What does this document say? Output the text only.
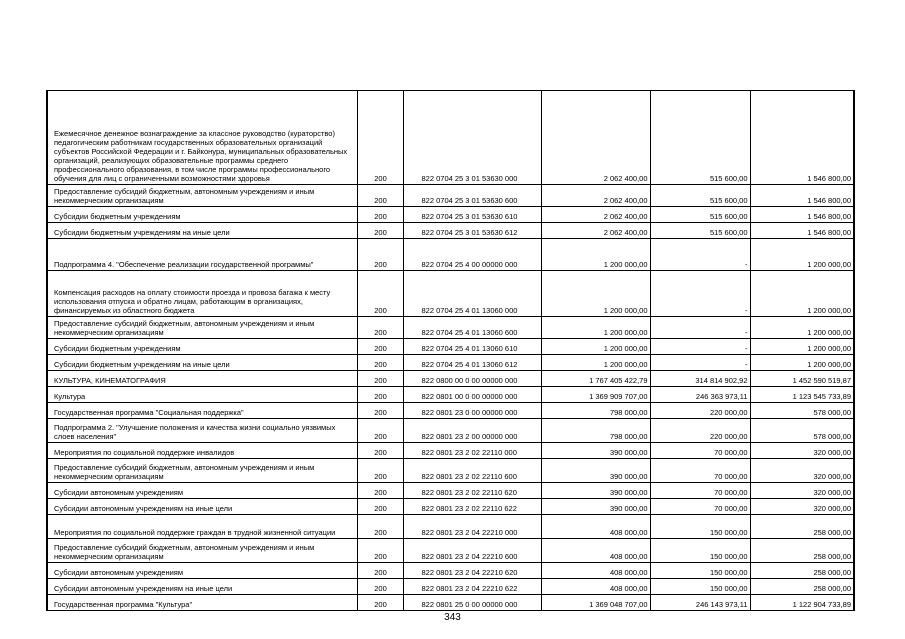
Ежемесячное денежное вознаграждение за классное руководство (кураторство) педагогическим работникам государственных образовательных организаций субъектов Российской Федерации и г. Байконура, муниципальных образовательных организаций, реализующих образовательные программы среднего профессионального образования, в том числе программы профессионального обучения для лиц с ограниченными возможностями здоровья	200	822 0704 25 3 01 53630 000	2 062 400,00	515 600,00	1 546 800,00
Предоставление субсидий бюджетным, автономным учреждениям и иным некоммерческим организациям	200	822 0704 25 3 01 53630 600	2 062 400,00	515 600,00	1 546 800,00
Субсидии бюджетным учреждениям	200	822 0704 25 3 01 53630 610	2 062 400,00	515 600,00	1 546 800,00
Субсидии бюджетным учреждениям на иные цели	200	822 0704 25 3 01 53630 612	2 062 400,00	515 600,00	1 546 800,00
Подпрограмма 4. "Обеспечение реализации государственной программы"	200	822 0704 25 4 00 00000 000	1 200 000,00	-	1 200 000,00
Компенсация расходов на оплату стоимости проезда и провоза багажа к месту использования отпуска и обратно лицам, работающим в организациях, финансируемых из областного бюджета	200	822 0704 25 4 01 13060 000	1 200 000,00	-	1 200 000,00
Предоставление субсидий бюджетным, автономным учреждениям и иным некоммерческим организациям	200	822 0704 25 4 01 13060 600	1 200 000,00	-	1 200 000,00
Субсидии бюджетным учреждениям	200	822 0704 25 4 01 13060 610	1 200 000,00	-	1 200 000,00
Субсидии бюджетным учреждениям на иные цели	200	822 0704 25 4 01 13060 612	1 200 000,00	-	1 200 000,00
КУЛЬТУРА, КИНЕМАТОГРАФИЯ	200	822 0800 00 0 00 00000 000	1 767 405 422,79	314 814 902,92	1 452 590 519,87
Культура	200	822 0801 00 0 00 00000 000	1 369 909 707,00	246 363 973,11	1 123 545 733,89
Государственная программа "Социальная поддержка"	200	822 0801 23 0 00 00000 000	798 000,00	220 000,00	578 000,00
Подпрограмма 2. "Улучшение положения и качества жизни социально уязвимых слоев населения"	200	822 0801 23 2 00 00000 000	798 000,00	220 000,00	578 000,00
Мероприятия по социальной поддержке инвалидов	200	822 0801 23 2 02 22110 000	390 000,00	70 000,00	320 000,00
Предоставление субсидий бюджетным, автономным учреждениям и иным некоммерческим организациям	200	822 0801 23 2 02 22110 600	390 000,00	70 000,00	320 000,00
Субсидии автономным учреждениям	200	822 0801 23 2 02 22110 620	390 000,00	70 000,00	320 000,00
Субсидии автономным учреждениям на иные цели	200	822 0801 23 2 02 22110 622	390 000,00	70 000,00	320 000,00
Мероприятия по социальной поддержке граждан в трудной жизненной ситуации	200	822 0801 23 2 04 22210 000	408 000,00	150 000,00	258 000,00
Предоставление субсидий бюджетным, автономным учреждениям и иным некоммерческим организациям	200	822 0801 23 2 04 22210 600	408 000,00	150 000,00	258 000,00
Субсидии автономным учреждениям	200	822 0801 23 2 04 22210 620	408 000,00	150 000,00	258 000,00
Субсидии автономным учреждениям на иные цели	200	822 0801 23 2 04 22210 622	408 000,00	150 000,00	258 000,00
Государственная программа "Культура"	200	822 0801 25 0 00 00000 000	1 369 048 707,00	246 143 973,11	1 122 904 733,89
343
